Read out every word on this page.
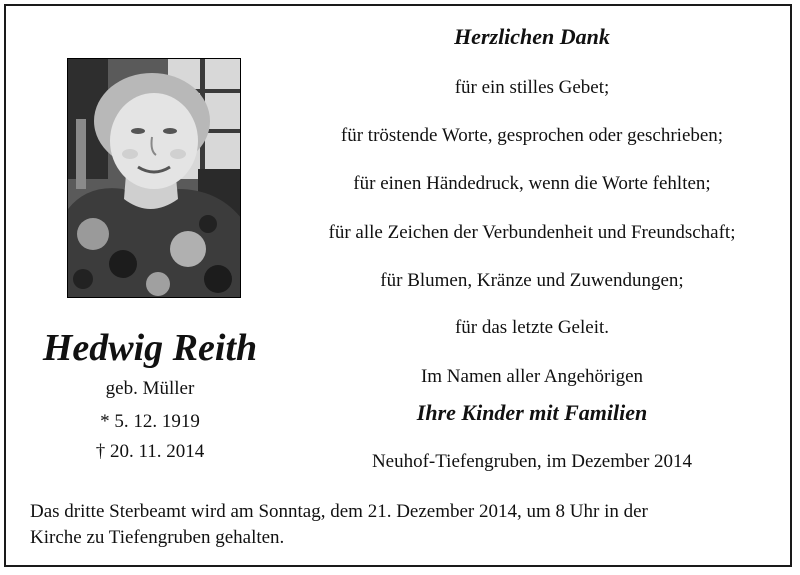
Hedwig Reith
geb. Müller
* 5. 12. 1919
† 20. 11. 2014
Herzlichen Dank
für ein stilles Gebet;
für tröstende Worte, gesprochen oder geschrieben;
für einen Händedruck, wenn die Worte fehlten;
für alle Zeichen der Verbundenheit und Freundschaft;
für Blumen, Kränze und Zuwendungen;
für das letzte Geleit.
Im Namen aller Angehörigen
Ihre Kinder mit Familien
Neuhof-Tiefengruben, im Dezember 2014
Das dritte Sterbeamt wird am Sonntag, dem 21. Dezember 2014, um 8 Uhr in der
Kirche zu Tiefengruben gehalten.
